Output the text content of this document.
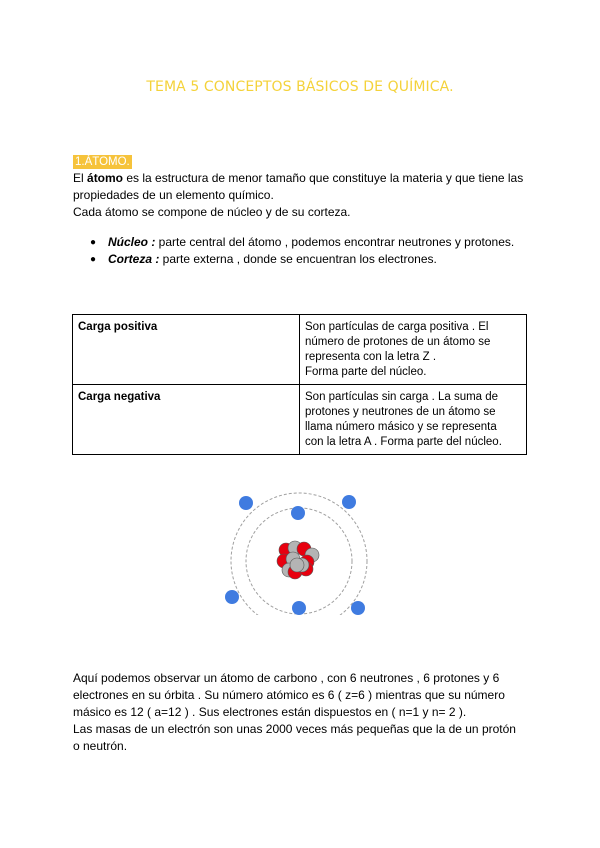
TEMA 5 CONCEPTOS BÁSICOS DE QUÍMICA.
1.ÁTOMO.
El átomo es la estructura de menor tamaño que constituye la materia y que tiene las propiedades de un elemento químico.
Cada átomo se compone de núcleo y de su corteza.
● Núcleo : parte central del átomo , podemos encontrar neutrones y protones.
● Corteza : parte externa , donde se encuentran los electrones.
Carga positiva	Son partículas de carga positiva . El
número de protones de un átomo se
representa con la letra Z .
Forma parte del núcleo.

Carga negativa	Son partículas sin carga . La suma de
protones y neutrones de un átomo se
llama número másico y se representa
con la letra A . Forma parte del núcleo.
Aquí podemos observar un átomo de carbono , con 6 neutrones , 6 protones y 6
electrones en su órbita . Su número atómico es 6 ( z=6 ) mientras que su número
másico es 12 ( a=12 ) . Sus electrones están dispuestos en ( n=1 y n= 2 ).
Las masas de un electrón son unas 2000 veces más pequeñas que la de un protón
o neutrón.
